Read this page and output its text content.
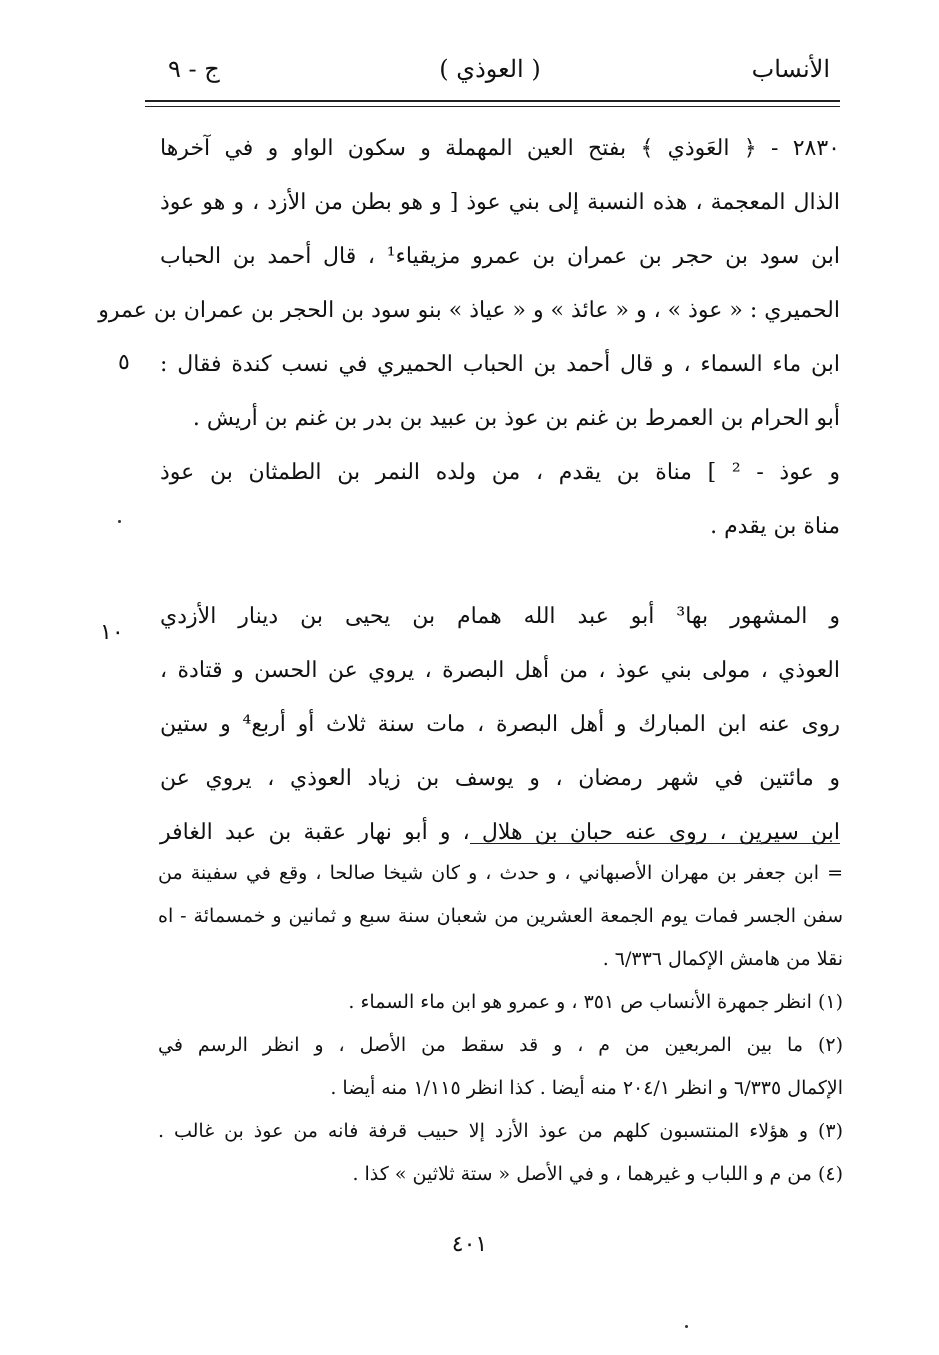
الأنساب
( العوذي )
ج - ٩
٢٨٣٠ - ﴿ العَوذي ﴾ بفتح العين المهملة و سكون الواو و في آخرها
الذال المعجمة ، هذه النسبة إلى بني عوذ [ و هو بطن من الأزد ، و هو عوذ
ابن سود بن حجر بن عمران بن عمرو مزيقياء¹ ، قال أحمد بن الحباب
الحميري : « عوذ » ، و « عائذ » و « عياذ » بنو سود بن الحجر بن عمران بن عمرو
ابن ماء السماء ، و قال أحمد بن الحباب الحميري في نسب كندة فقال :
أبو الحرام بن العمرط بن غنم بن عوذ بن عبيد بن بدر بن غنم بن أريش .
و عوذ - ² ] مناة بن يقدم ، من ولده النمر بن الطمثان بن عوذ
مناة بن يقدم .
و المشهور بها³ أبو عبد الله همام بن يحيى بن دينار الأزدي
العوذي ، مولى بني عوذ ، من أهل البصرة ، يروي عن الحسن و قتادة ،
روى عنه ابن المبارك و أهل البصرة ، مات سنة ثلاث أو أربع⁴ و ستين
و مائتين في شهر رمضان ، و يوسف بن زياد العوذي ، يروي عن
ابن سيرين ، روى عنه حبان بن هلال ، و أبو نهار عقبة بن عبد الغافر
٥
١٠
= ابن جعفر بن مهران الأصبهاني ، و حدث ، و كان شيخا صالحا ، وقع في سفينة من
سفن الجسر فمات يوم الجمعة العشرين من شعبان سنة سبع و ثمانين و خمسمائة - اه
نقلا من هامش الإكمال ٦/٣٣٦ .
(١) انظر جمهرة الأنساب ص ٣٥١ ، و عمرو هو ابن ماء السماء .
(٢) ما بين المربعين من م ، و قد سقط من الأصل ، و انظر الرسم في
الإكمال ٦/٣٣٥ و انظر ٢٠٤/١ منه أيضا . كذا انظر ١/١١٥ منه أيضا .
(٣) و هؤلاء المنتسبون كلهم من عوذ الأزد إلا حبيب قرفة فانه من عوذ بن غالب .
(٤) من م و اللباب و غيرهما ، و في الأصل « ستة ثلاثين » كذا .
٤٠١
